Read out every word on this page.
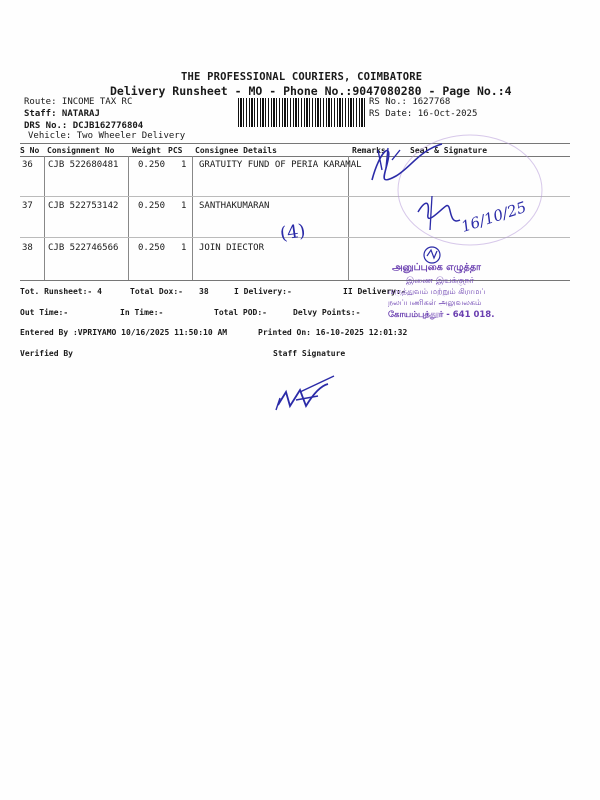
THE PROFESSIONAL COURIERS, COIMBATORE
Delivery Runsheet - MO - Phone No.:9047080280 - Page No.:4
Route: INCOME TAX RC
Staff: NATARAJ
DRS No.: DCJB162776804
Vehicle: Two Wheeler Delivery
RS No.: 1627768
RS Date: 16-Oct-2025
S No Consignment No Weight PCS Consignee Details	Remarks	Seal & Signature
36 CJB 522680481 0.250 1 GRATUITY FUND OF PERIA KARAMAL
37 CJB 522753142 0.250 1 SANTHAKUMARAN
38 CJB 522746566 0.250 1 JOIN DIECTOR
Tot. Runsheet:- 4	Total Dox:- 38	I Delivery:-	II Delivery:-
Out Time:-	In Time:-	Total POD:-	Delvy Points:-
Entered By :VPRIYAMO 10/16/2025 11:50:10 AM	Printed On: 16-10-2025 12:01:32
Verified By	Staff Signature
அனுப்புகை எழுத்தா
இணை இயக்குநர்
மருத்துவம் மற்றும் கிராமப்
நலப்பணிகள் அலுவலகம்
கோயம்புத்தூர் - 641 018.
(4)	16/10/25
